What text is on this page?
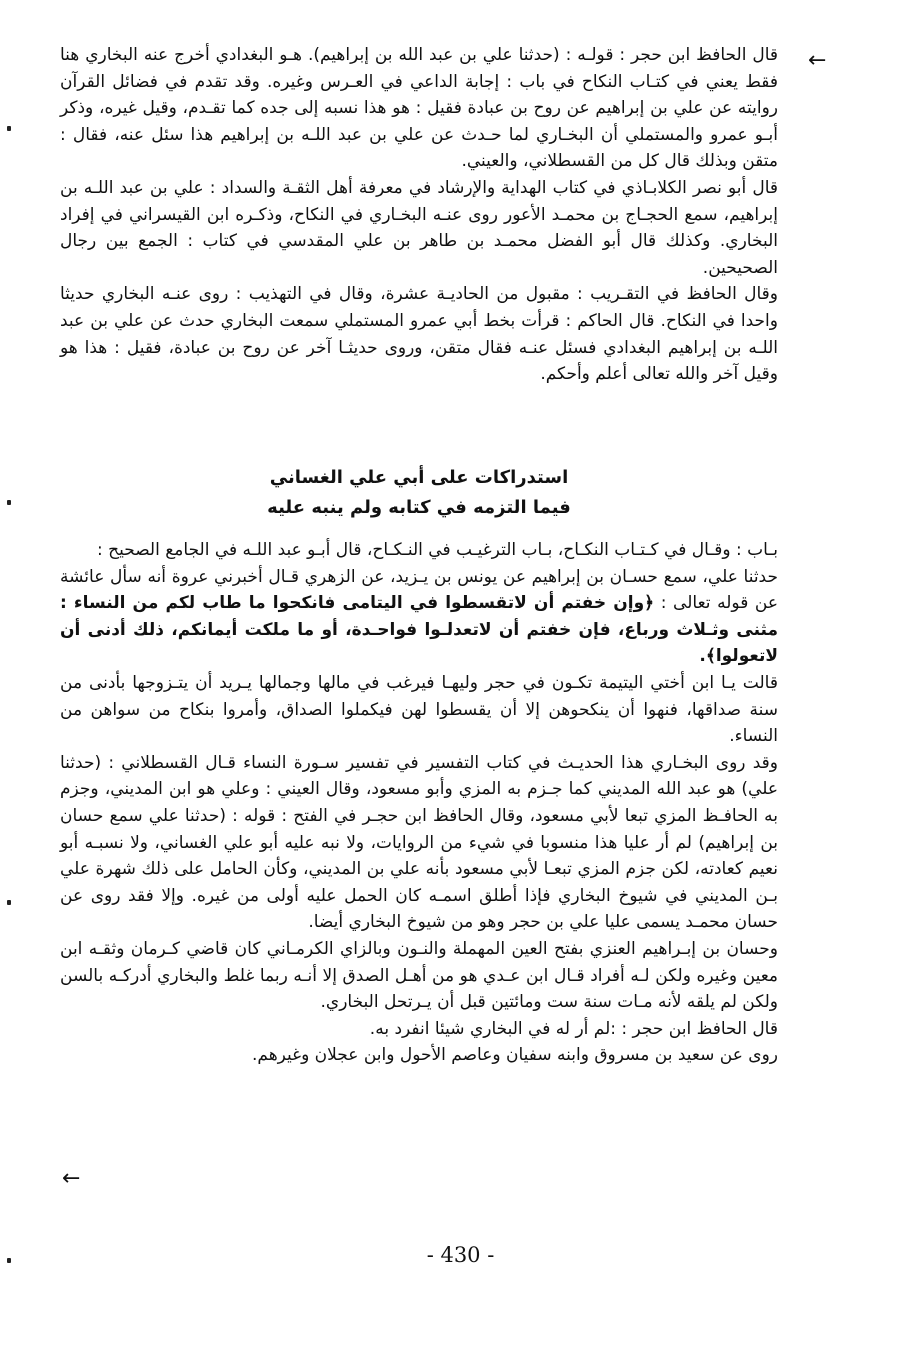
←

قال الحافظ ابن حجر : قولـه : (حدثنا علي بن عبد الله بن إبراهيم). هـو البغدادي أخرج عنه البخاري هنا فقط يعني في كتـاب النكاح في باب : إجابة الداعي في العـرس وغيره. وقد تقدم في فضائل القرآن روايته عن علي بن إبراهيم عن روح بن عبادة فقيل : هو هذا نسبه إلى جده كما تقـدم، وقيل غيره، وذكر أبـو عمرو والمستملي أن البخـاري لما حـدث عن علي بن عبد اللـه بن إبراهيم هذا سئل عنه، فقال : متقن وبذلك قال كل من القسطلاني، والعيني.

قال أبو نصر الكلابـاذي في كتاب الهداية والإرشاد في معرفة أهل الثقـة والسداد : علي بن عبد اللـه بن إبراهيم، سمع الحجـاج بن محمـد الأعور روى عنـه البخـاري في النكاح، وذكـره ابن القيسراني في إفراد البخاري. وكذلك قال أبو الفضل محمـد بن طاهر بن علي المقدسي في كتاب : الجمع بين رجال الصحيحين.

وقال الحافظ في التقـريب : مقبول من الحاديـة عشرة، وقال في التهذيب : روى عنـه البخاري حديثا واحدا في النكاح. قال الحاكم : قرأت بخط أبي عمرو المستملي سمعت البخاري حدث عن علي بن عبد اللـه بن إبراهيم البغدادي فسئل عنـه فقال متقن، وروى حديثـا آخر عن روح بن عبادة، فقيل : هذا هو وقيل آخر والله تعالى أعلم وأحكم.

استدراكات على أبي علي الغساني
فيما التزمه في كتابه ولم ينبه عليه

بـاب : وقـال في كـتـاب النكـاح، بـاب الترغيـب في النـكـاح، قال أبـو عبد اللـه في الجامع الصحيح :

حدثنا علي، سمع حسـان بن إبراهيم عن يونس بن يـزيد، عن الزهري قـال أخبرني عروة أنه سأل عائشة عن قوله تعالى : ﴿وإن خفتم أن لاتقسطوا في اليتامى فانكحوا ما طاب لكم من النساء : مثنى وثـلاث ورباع، فإن خفتم أن لاتعدلـوا فواحـدة، أو ما ملكت أيمانكم، ذلك أدنى أن لاتعولوا﴾.

قالت يـا ابن أختي اليتيمة تكـون في حجر وليهـا فيرغب في مالها وجمالها يـريد أن يتـزوجها بأدنى من سنة صداقها، فنهوا أن ينكحوهن إلا أن يقسطوا لهن فيكملوا الصداق، وأمروا بنكاح من سواهن من النساء.

وقد روى البخـاري هذا الحديـث في كتاب التفسير في تفسير سـورة النساء قـال القسطلاني : (حدثنا علي) هو عبد الله المديني كما جـزم به المزي وأبو مسعود، وقال العيني : وعلي هو ابن المديني، وجزم به الحافـظ المزي تبعا لأبي مسعود، وقال الحافظ ابن حجـر في الفتح : قوله : (حدثنا علي سمع حسان بن إبراهيم) لم أر عليا هذا منسوبا في شيء من الروايات، ولا نبه عليه أبو علي الغساني، ولا نسبـه أبو نعيم كعادته، لكن جزم المزي تبعـا لأبي مسعود بأنه علي بن المديني، وكأن الحامل على ذلك شهرة علي بـن المديني في شيوخ البخاري فإذا أطلق اسمـه كان الحمل عليه أولى من غيره. وإلا فقد روى عن حسان محمـد يسمى عليا علي بن حجر وهو من شيوخ البخاري أيضا.

وحسان بن إبـراهيم العنزي بفتح العين المهملة والنـون وبالزاي الكرمـاني كان قاضي كـرمان وثقـه ابن معين وغيره ولكن لـه أفراد قـال ابن عـدي هو من أهـل الصدق إلا أنـه ربما غلط والبخاري أدركـه بالسن ولكن لم يلقه لأنه مـات سنة ست ومائتين قبل أن يـرتحل البخاري.

قال الحافظ ابن حجر : :لم أر له في البخاري شيئا انفرد به.

روى عن سعيد بن مسروق وابنه سفيان وعاصم الأحول وابن عجلان وغيرهم.

←
- 430 -
